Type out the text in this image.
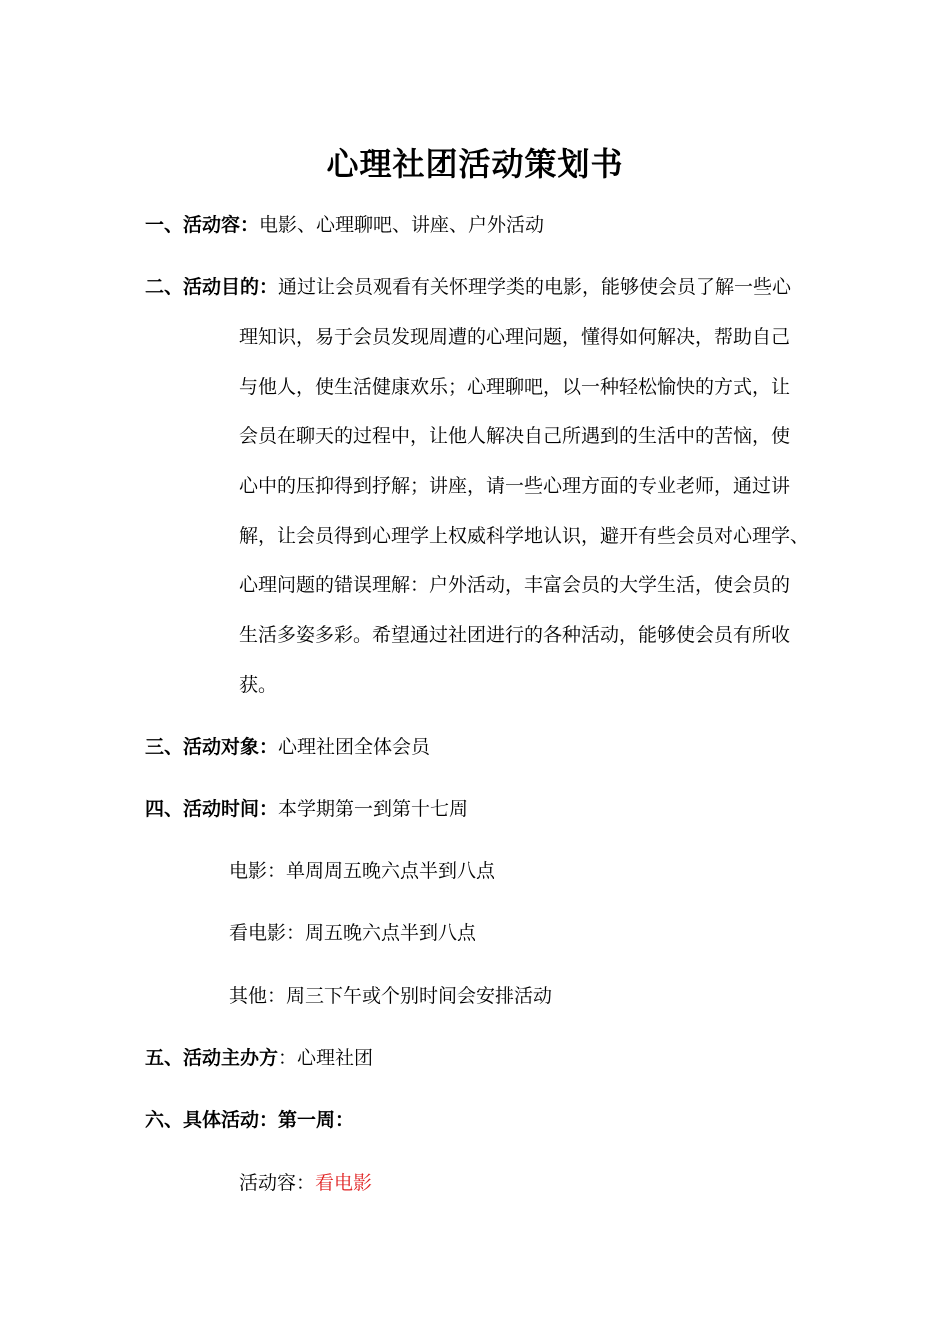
心理社团活动策划书
一、活动容：电影、心理聊吧、讲座、户外活动
二、活动目的：通过让会员观看有关怀理学类的电影，能够使会员了解一些心
理知识，易于会员发现周遭的心理问题，懂得如何解决，帮助自己
与他人，使生活健康欢乐；心理聊吧，以一种轻松愉快的方式，让
会员在聊天的过程中，让他人解决自己所遇到的生活中的苦恼，使
心中的压抑得到抒解；讲座，请一些心理方面的专业老师，通过讲
解，让会员得到心理学上权威科学地认识，避开有些会员对心理学、
心理问题的错误理解：户外活动，丰富会员的大学生活，使会员的
生活多姿多彩。希望通过社团进行的各种活动，能够使会员有所收
获。
三、活动对象：心理社团全体会员
四、活动时间：本学期第一到第十七周
电影：单周周五晚六点半到八点
看电影：周五晚六点半到八点
其他：周三下午或个别时间会安排活动
五、活动主办方：心理社团
六、具体活动：第一周：
活动容：看电影
